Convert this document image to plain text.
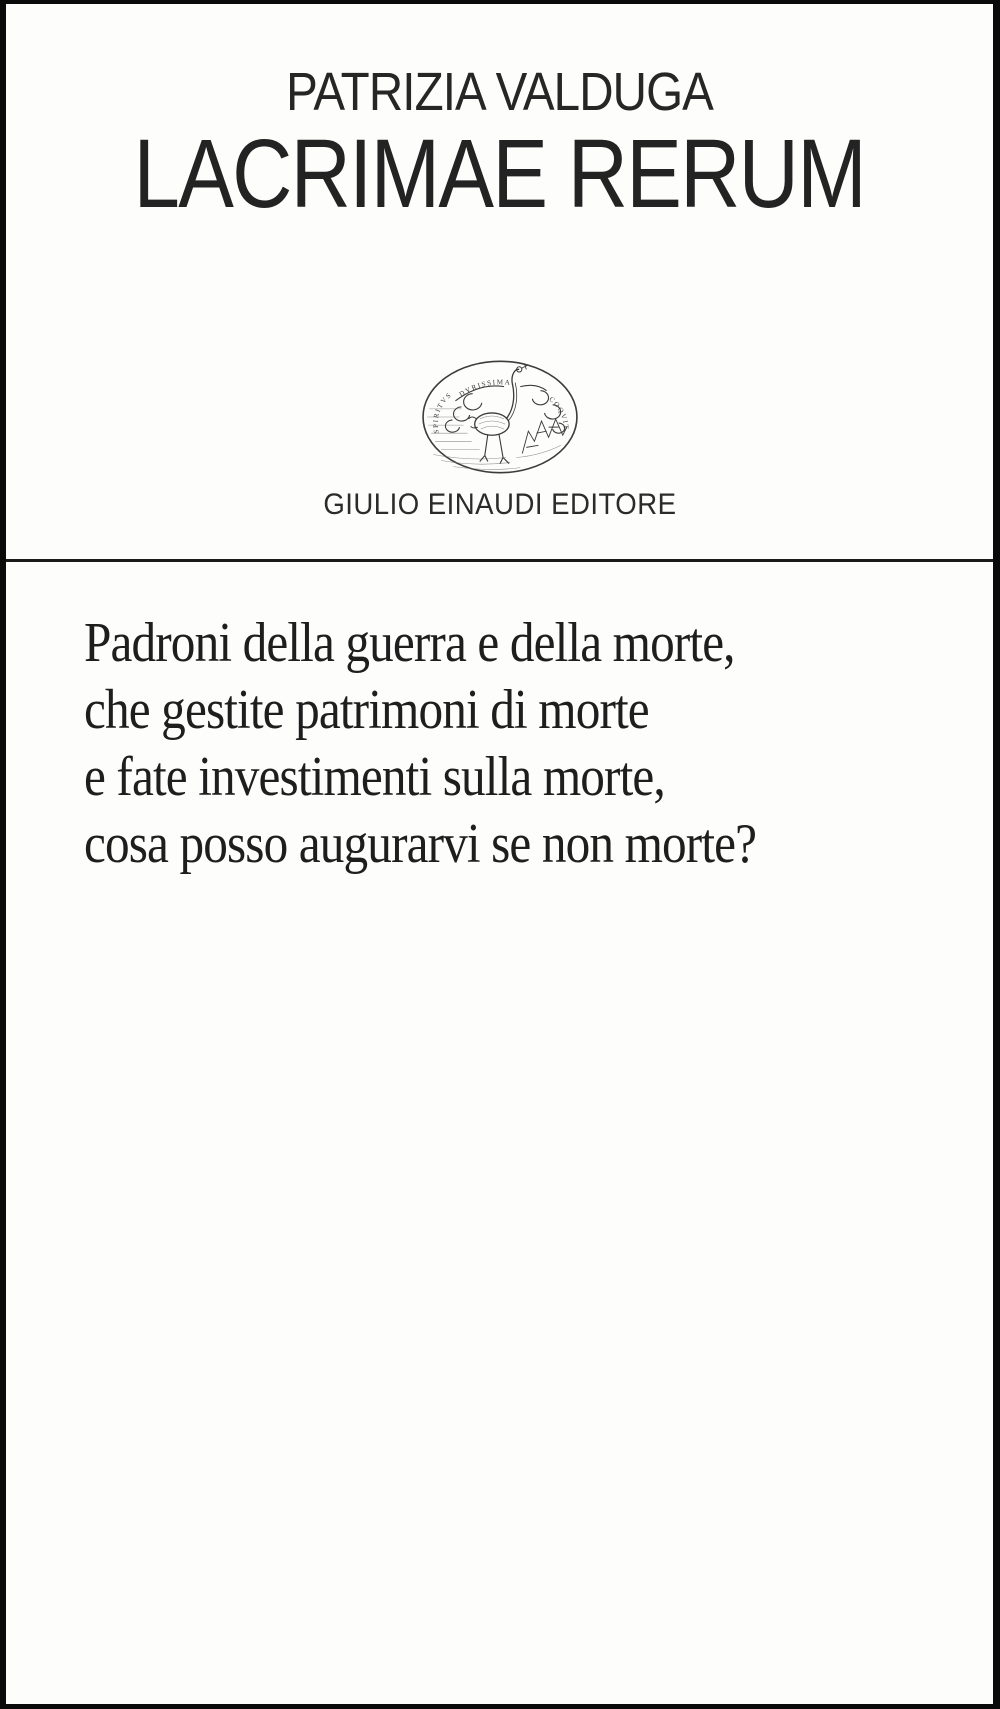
PATRIZIA VALDUGA
LACRIMAE RERUM
DVRISSIMA
SPIRITVS	COQVIT
GIULIO EINAUDI EDITORE
Padroni della guerra e della morte,
che gestite patrimoni di morte
e fate investimenti sulla morte,
cosa posso augurarvi se non morte?
